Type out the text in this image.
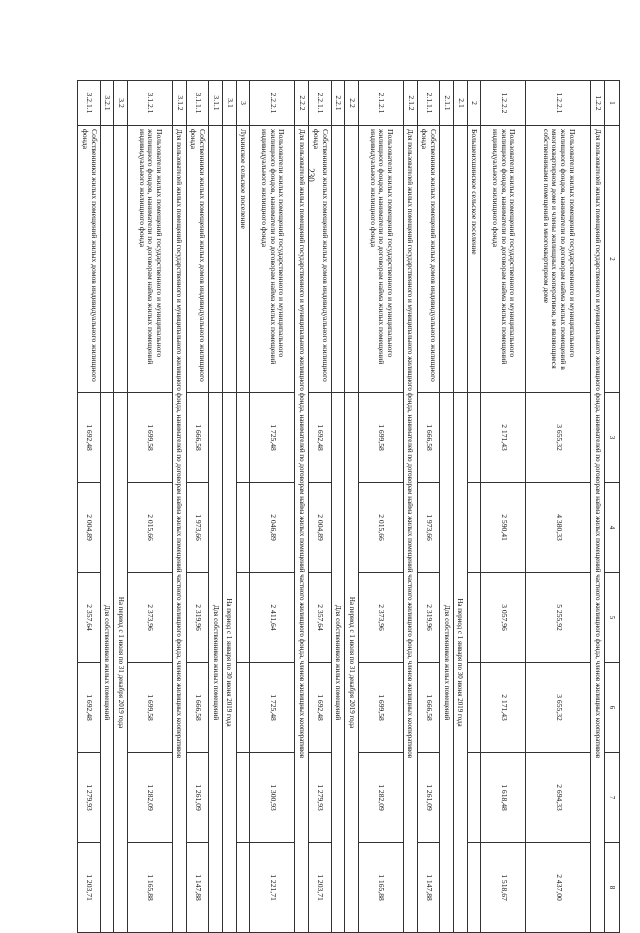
230
1	2	3	4	5	6	7	8
1.2.2	Для пользователей жилых помещений государственного и муниципального жилищного фонда, нанимателей по договорам найма жилых помещений частного жилищного фонда, членов жилищных кооперативов						
1.2.2.1	Пользователи жилых помещений государственного и муниципального жилищного фондов, наниматели по договорам найма жилых помещений в многоквартирном доме и члены жилищных кооперативов, не являющиеся собственниками помещений в многоквартирном доме	3 655,32	4 380,33	5 255,92	3 655,32	2 694,33	2 437,00
1.2.2.2	Пользователи жилых помещений государственного и муниципального жилищного фондов, наниматели по договорам найма жилых помещений индивидуального жилищного фонда	2 171,43	2 590,41	3 057,96	2 171,43	1 618,48	1 518,67
2	Большеихшинское сельское поселение						
2.1		На период с 1 января по 30 июня 2019 года					
2.1.1		Для собственников жилых помещений					
2.1.1.1	Собственники жилых помещений жилых домов индивидуального жилищного фонда	1 666,58	1 973,66	2 319,96	1 666,58	1 261,09	1 147,88
2.1.2	Для пользователей жилых помещений государственного и муниципального жилищного фонда, нанимателей по договорам найма жилых помещений частного жилищного фонда, членов жилищных кооперативов						
2.1.2.1	Пользователи жилых помещений государственного и муниципального жилищного фондов, наниматели по договорам найма жилых помещений индивидуального жилищного фонда	1 699,58	2 015,66	2 373,96	1 699,58	1 282,09	1 165,88
2.2		На период с 1 июля по 31 декабря 2019 года					
2.2.1		Для собственников жилых помещений					
2.2.1.1	Собственники жилых помещений жилых домов индивидуального жилищного фонда	1 692,48	2 004,89	2 357,64	1 692,48	1 279,93	1 203,71
2.2.2	Для пользователей жилых помещений государственного и муниципального жилищного фонда, нанимателей по договорам найма жилых помещений частного жилищного фонда, членов жилищных кооперативов						
2.2.2.1	Пользователи жилых помещений государственного и муниципального жилищного фондов, наниматели по договорам найма жилых помещений индивидуального жилищного фонда	1 725,48	2 046,89	2 411,64	1 725,48	1 300,93	1 221,71
3	Лукинское сельское поселение						
3.1		На период с 1 января по 30 июня 2019 года					
3.1.1		Для собственников жилых помещений					
3.1.1.1	Собственники жилых помещений жилых домов индивидуального жилищного фонда	1 666,58	1 973,66	2 319,96	1 666,58	1 261,09	1 147,88
3.1.2	Для пользователей жилых помещений государственного и муниципального жилищного фонда, нанимателей по договорам найма жилых помещений частного жилищного фонда, членов жилищных кооперативов						
3.1.2.1	Пользователи жилых помещений государственного и муниципального жилищного фондов, наниматели по договорам найма жилых помещений индивидуального жилищного фонда	1 699,58	2 015,66	2 373,96	1 699,58	1 282,09	1 165,88
3.2		На период с 1 июля по 31 декабря 2019 года					
3.2.1		Для собственников жилых помещений					
3.2.1.1	Собственники жилых помещений жилых домов индивидуального жилищного фонда	1 692,48	2 004,89	2 357,64	1 692,48	1 279,93	1 203,71
